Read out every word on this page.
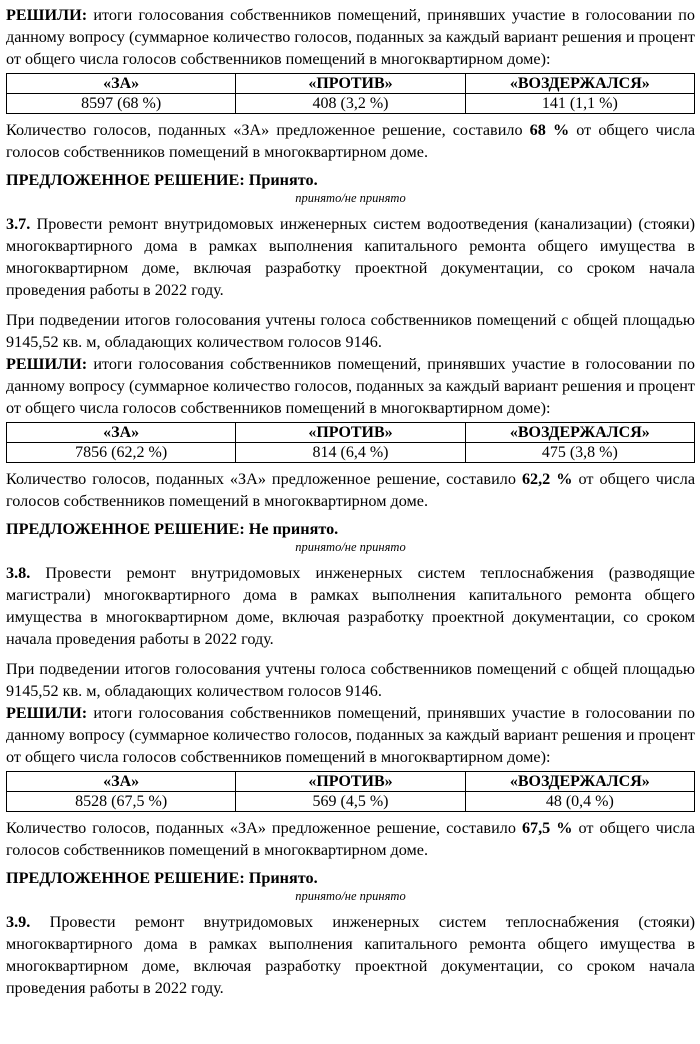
РЕШИЛИ: итоги голосования собственников помещений, принявших участие в голосовании по данному вопросу (суммарное количество голосов, поданных за каждый вариант решения и процент от общего числа голосов собственников помещений в многоквартирном доме):

«ЗА»	«ПРОТИВ»	«ВОЗДЕРЖАЛСЯ»
8597 (68 %)	408 (3,2 %)	141 (1,1 %)

Количество голосов, поданных «ЗА» предложенное решение, составило 68 % от общего числа голосов собственников помещений в многоквартирном доме.

ПРЕДЛОЖЕННОЕ РЕШЕНИЕ: Принято.

принято/не принято

3.7. Провести ремонт внутридомовых инженерных систем водоотведения (канализации) (стояки) многоквартирного дома в рамках выполнения капитального ремонта общего имущества в многоквартирном доме, включая разработку проектной документации, со сроком начала проведения работы в 2022 году.

При подведении итогов голосования учтены голоса собственников помещений с общей площадью 9145,52 кв. м, обладающих количеством голосов 9146.

РЕШИЛИ: итоги голосования собственников помещений, принявших участие в голосовании по данному вопросу (суммарное количество голосов, поданных за каждый вариант решения и процент от общего числа голосов собственников помещений в многоквартирном доме):

«ЗА»	«ПРОТИВ»	«ВОЗДЕРЖАЛСЯ»
7856 (62,2 %)	814 (6,4 %)	475 (3,8 %)

Количество голосов, поданных «ЗА» предложенное решение, составило 62,2 % от общего числа голосов собственников помещений в многоквартирном доме.

ПРЕДЛОЖЕННОЕ РЕШЕНИЕ: Не принято.

принято/не принято

3.8. Провести ремонт внутридомовых инженерных систем теплоснабжения (разводящие магистрали) многоквартирного дома в рамках выполнения капитального ремонта общего имущества в многоквартирном доме, включая разработку проектной документации, со сроком начала проведения работы в 2022 году.

При подведении итогов голосования учтены голоса собственников помещений с общей площадью 9145,52 кв. м, обладающих количеством голосов 9146.

РЕШИЛИ: итоги голосования собственников помещений, принявших участие в голосовании по данному вопросу (суммарное количество голосов, поданных за каждый вариант решения и процент от общего числа голосов собственников помещений в многоквартирном доме):

«ЗА»	«ПРОТИВ»	«ВОЗДЕРЖАЛСЯ»
8528 (67,5 %)	569 (4,5 %)	48 (0,4 %)

Количество голосов, поданных «ЗА» предложенное решение, составило 67,5 % от общего числа голосов собственников помещений в многоквартирном доме.

ПРЕДЛОЖЕННОЕ РЕШЕНИЕ: Принято.

принято/не принято

3.9. Провести ремонт внутридомовых инженерных систем теплоснабжения (стояки) многоквартирного дома в рамках выполнения капитального ремонта общего имущества в многоквартирном доме, включая разработку проектной документации, со сроком начала проведения работы в 2022 году.
